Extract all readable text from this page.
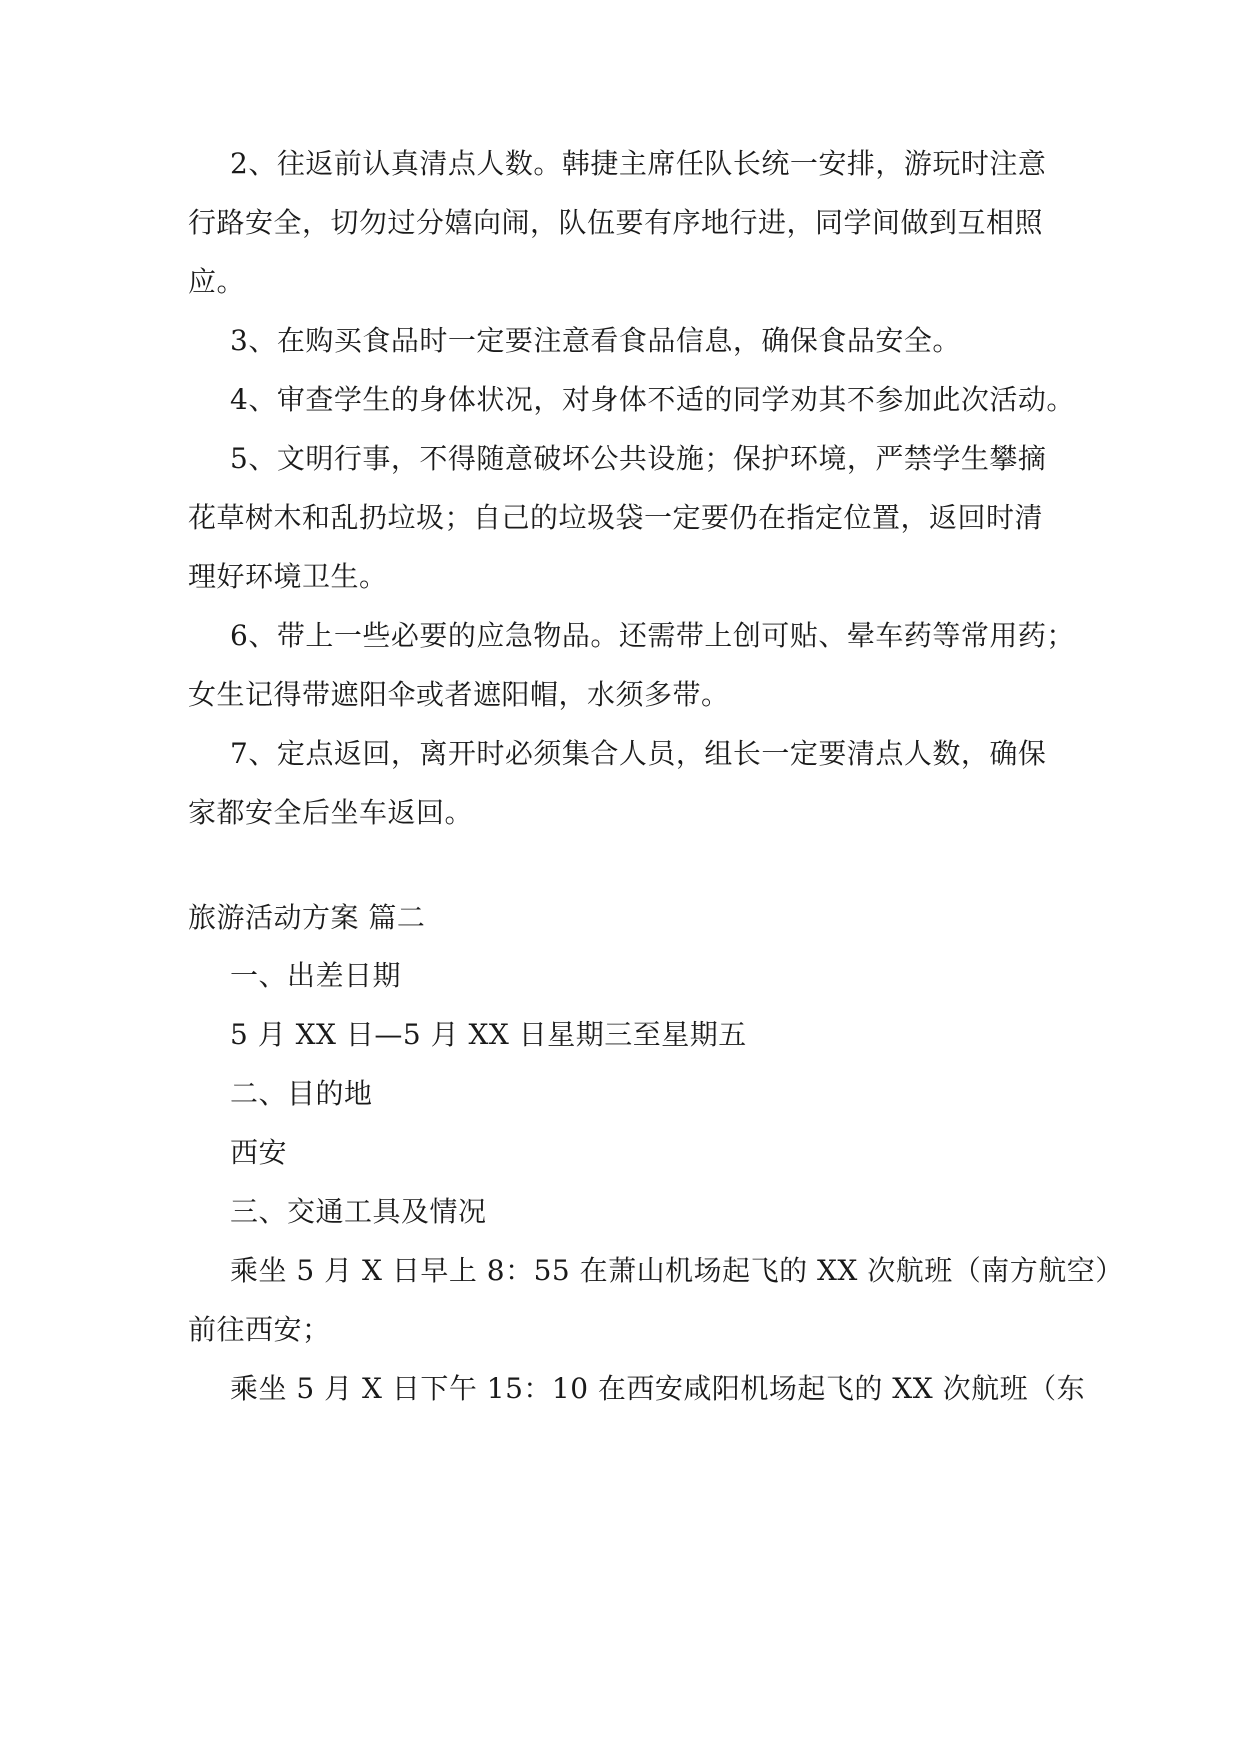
2、往返前认真清点人数。韩捷主席任队长统一安排，游玩时注意
行路安全，切勿过分嬉向闹，队伍要有序地行进，同学间做到互相照
应。
3、在购买食品时一定要注意看食品信息，确保食品安全。
4、审查学生的身体状况，对身体不适的同学劝其不参加此次活动。
5、文明行事，不得随意破坏公共设施；保护环境，严禁学生攀摘
花草树木和乱扔垃圾；自己的垃圾袋一定要仍在指定位置，返回时清
理好环境卫生。
6、带上一些必要的应急物品。还需带上创可贴、晕车药等常用药；
女生记得带遮阳伞或者遮阳帽，水须多带。
7、定点返回，离开时必须集合人员，组长一定要清点人数，确保
家都安全后坐车返回。
旅游活动方案 篇二
一、出差日期
5 月 XX 日—5 月 XX 日星期三至星期五
二、目的地
西安
三、交通工具及情况
乘坐 5 月 X 日早上 8：55 在萧山机场起飞的 XX 次航班（南方航空）
前往西安；
乘坐 5 月 X 日下午 15：10 在西安咸阳机场起飞的 XX 次航班（东
